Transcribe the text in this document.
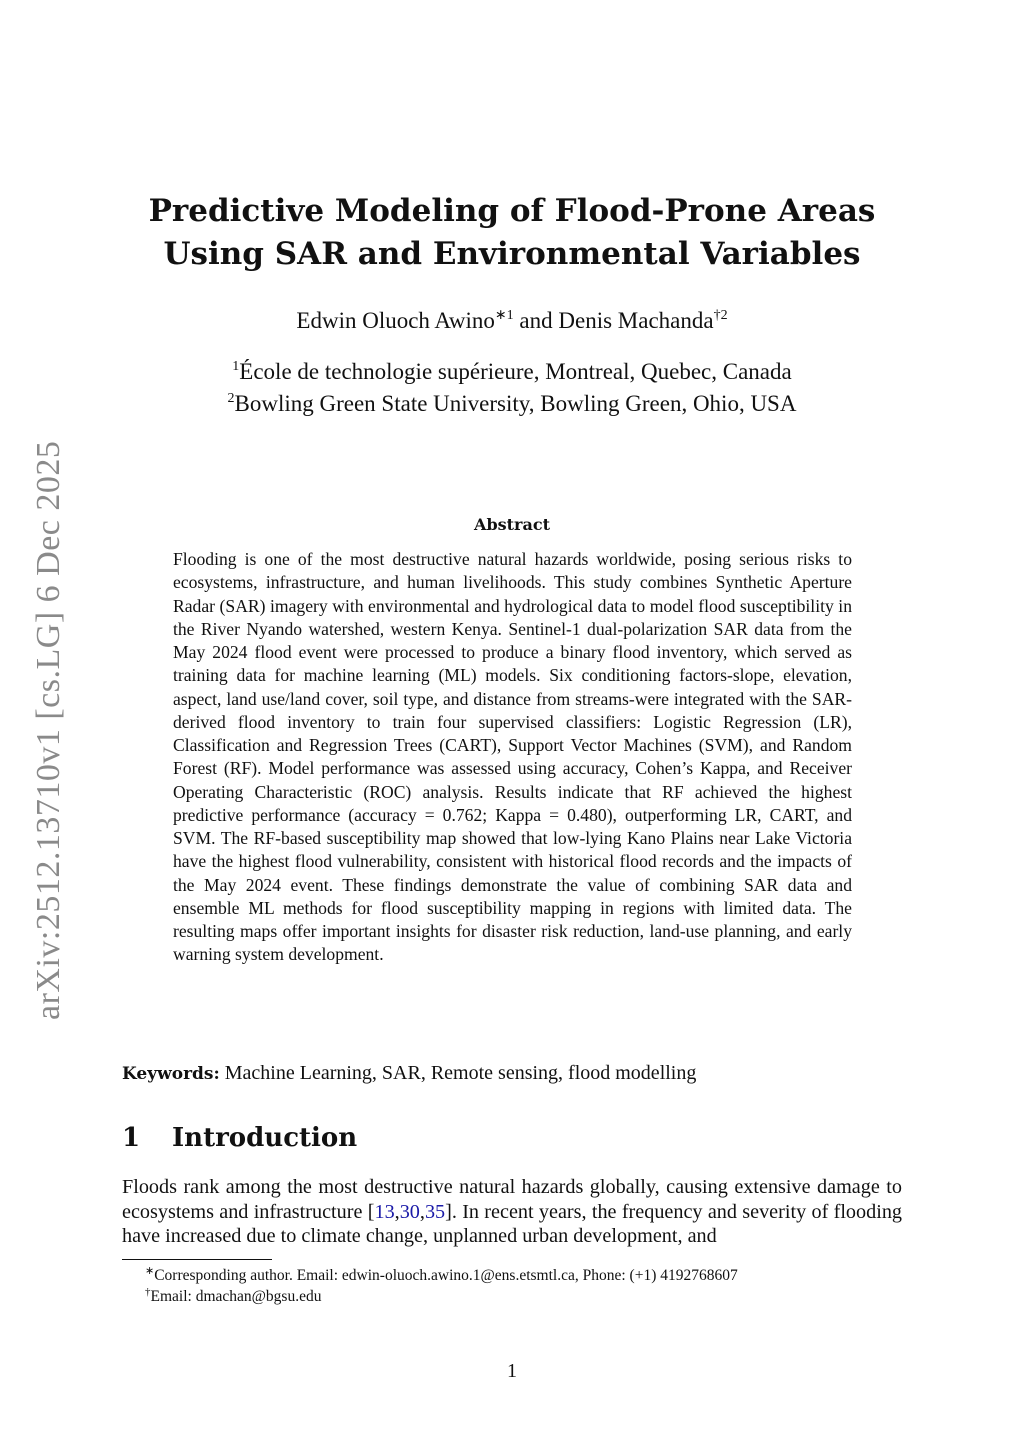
arXiv:2512.13710v1 [cs.LG] 6 Dec 2025
Predictive Modeling of Flood-Prone Areas
Using SAR and Environmental Variables
Edwin Oluoch Awino$^{∗1}$ and Denis Machanda$^{\dagger 2}$
$^1$École de technologie supérieure, Montreal, Quebec, Canada
$^2$Bowling Green State University, Bowling Green, Ohio, USA
Abstract
Flooding is one of the most destructive natural hazards worldwide, posing serious risks to ecosystems, infrastructure, and human livelihoods. This study combines Synthetic Aperture Radar (SAR) imagery with environmental and hydrological data to model flood susceptibility in the River Nyando watershed, western Kenya. Sentinel-1 dual-polarization SAR data from the May 2024 flood event were processed to produce a binary flood inventory, which served as training data for machine learning (ML) models. Six conditioning factors-slope, elevation, aspect, land use/land cover, soil type, and distance from streams-were integrated with the SAR-derived flood inventory to train four supervised classifiers: Logistic Regression (LR), Classification and Regression Trees (CART), Support Vector Machines (SVM), and Random Forest (RF). Model performance was assessed using accuracy, Cohen’s Kappa, and Receiver Operating Characteristic (ROC) analysis. Results indicate that RF achieved the highest predictive performance (accuracy = 0.762; Kappa = 0.480), outperforming LR, CART, and SVM. The RF-based susceptibility map showed that low-lying Kano Plains near Lake Victoria have the highest flood vulnerability, consistent with historical flood records and the impacts of the May 2024 event. These findings demonstrate the value of combining SAR data and ensemble ML methods for flood susceptibility mapping in regions with limited data. The resulting maps offer important insights for disaster risk reduction, land-use planning, and early warning system development.
Keywords: Machine Learning, SAR, Remote sensing, flood modelling
1 Introduction
Floods rank among the most destructive natural hazards globally, causing extensive damage to ecosystems and infrastructure [13,30,35]. In recent years, the frequency and severity of flooding have increased due to climate change, unplanned urban development, and
∗Corresponding author. Email: edwin-oluoch.awino.1@ens.etsmtl.ca, Phone: (+1) 4192768607
†Email: dmachan@bgsu.edu
1
